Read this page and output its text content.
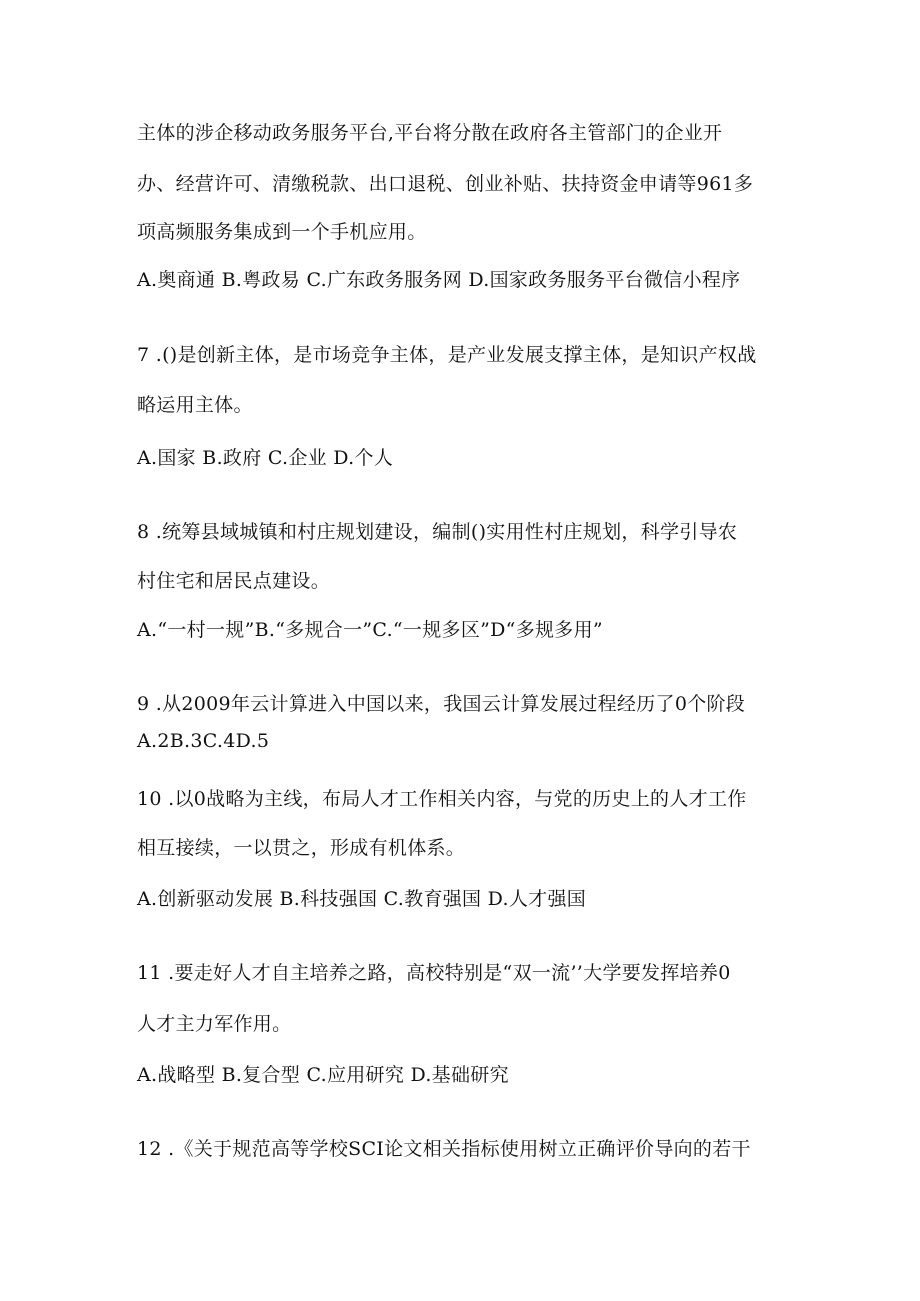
主体的涉企移动政务服务平台,平台将分散在政府各主管部门的企业开
办、经营许可、清缴税款、出口退税、创业补贴、扶持资金申请等961多
项高频服务集成到一个手机应用。
A.奥商通 B.粤政易 C.广东政务服务网 D.国家政务服务平台微信小程序
7 .()是创新主体，是市场竞争主体，是产业发展支撑主体，是知识产权战
略运用主体。
A.国家 B.政府 C.企业 D.个人
8 .统筹县域城镇和村庄规划建设，编制()实用性村庄规划，科学引导农
村住宅和居民点建设。
A.“一村一规”B.“多规合一”C.“一规多区”D“多规多用”
9 .从2009年云计算进入中国以来，我国云计算发展过程经历了0个阶段
A.2B.3C.4D.5
10 .以0战略为主线，布局人才工作相关内容，与党的历史上的人才工作
相互接续，一以贯之，形成有机体系。
A.创新驱动发展 B.科技强国 C.教育强国 D.人才强国
11 .要走好人才自主培养之路，高校特别是“双一流’’大学要发挥培养0
人才主力军作用。
A.战略型 B.复合型 C.应用研究 D.基础研究
12 .《关于规范高等学校SCI论文相关指标使用树立正确评价导向的若干
